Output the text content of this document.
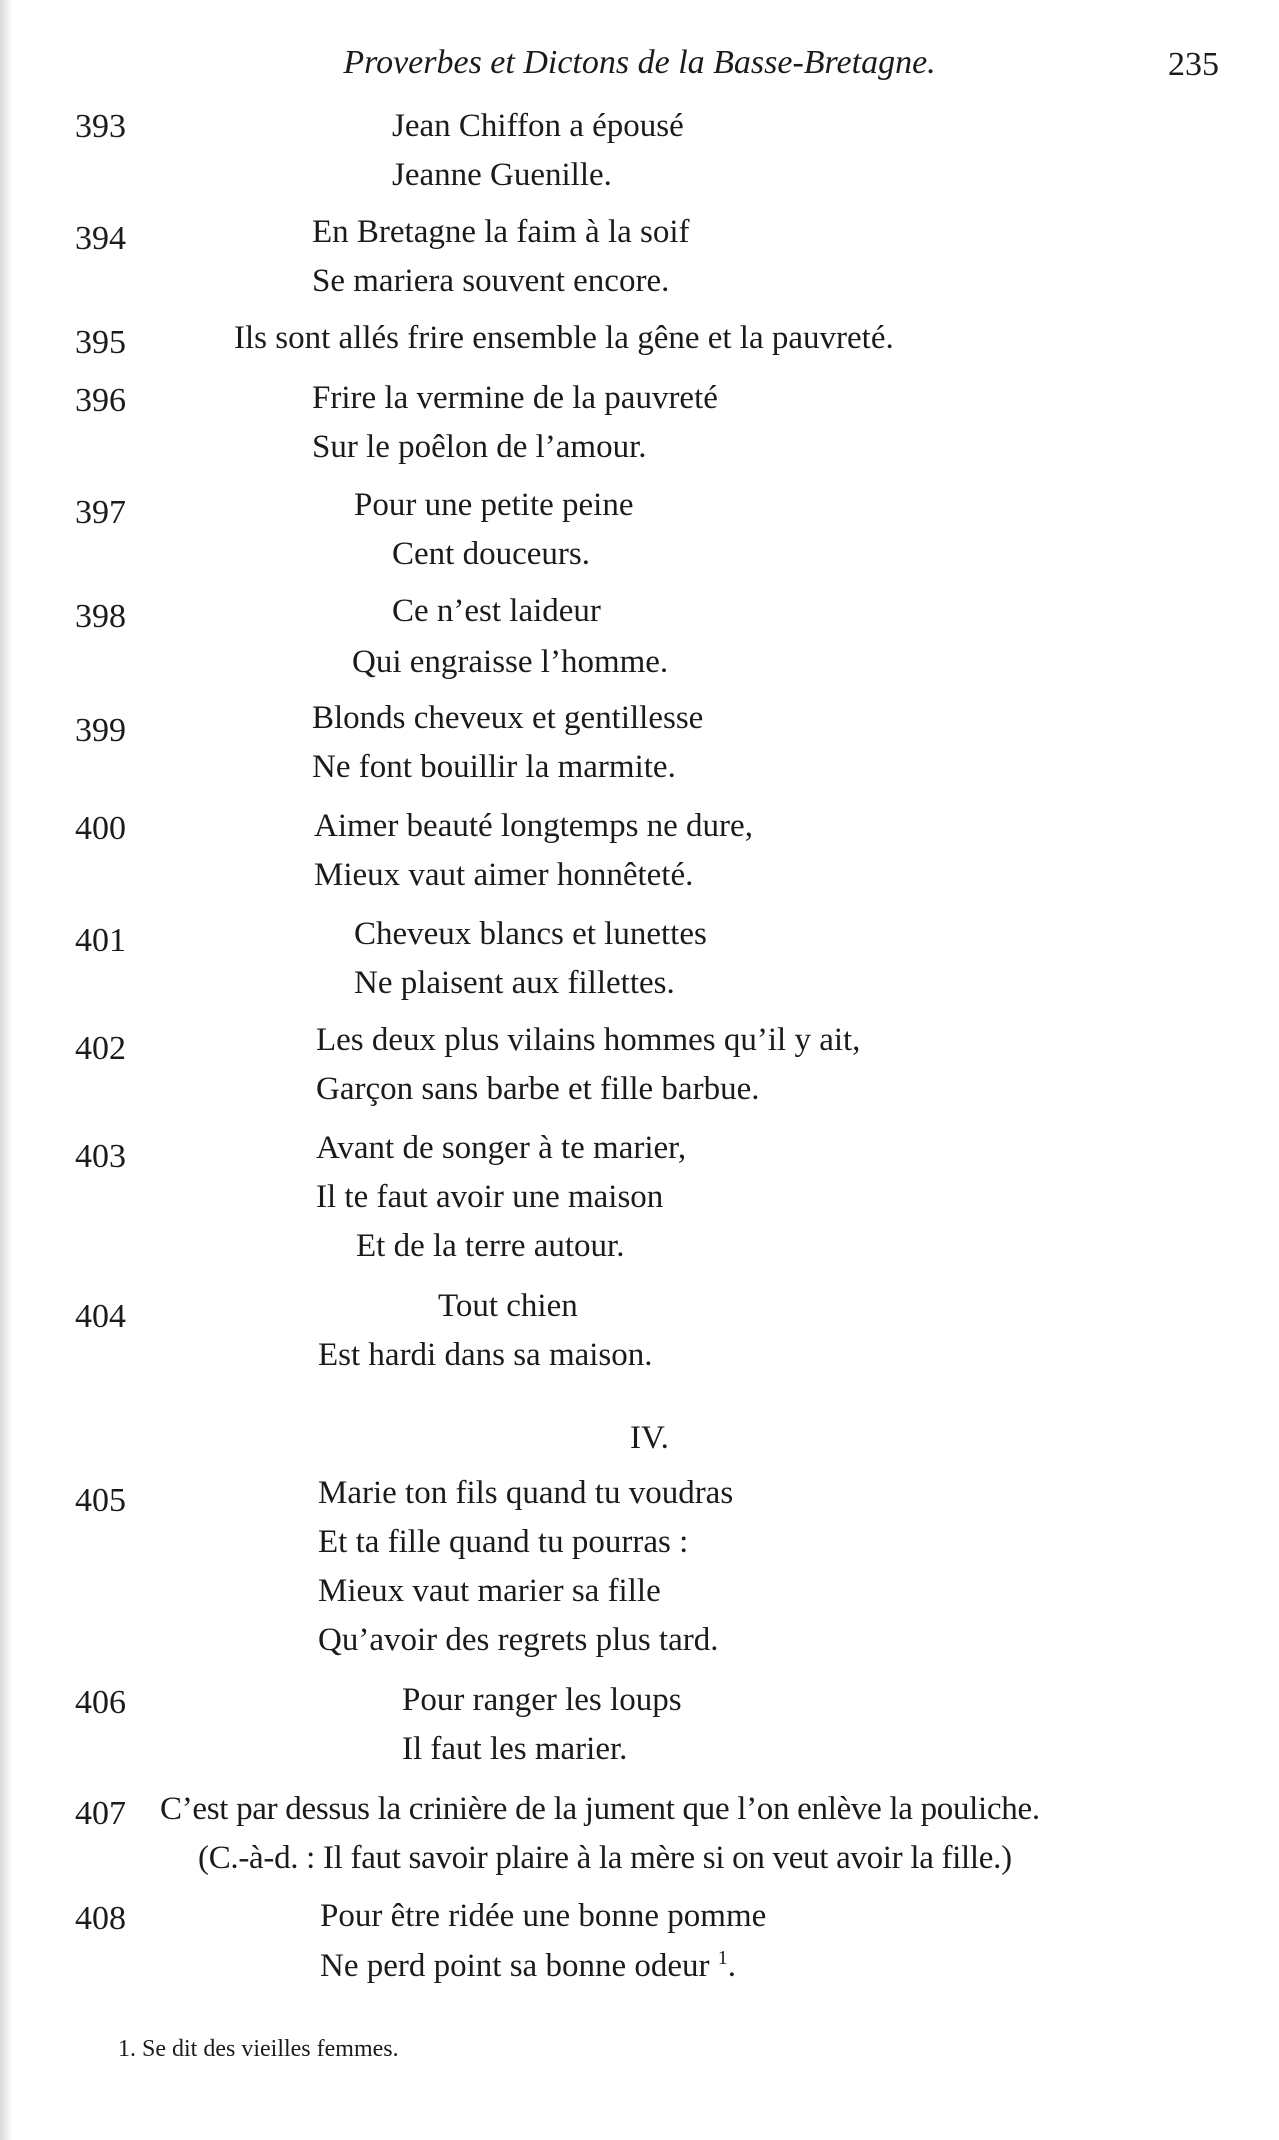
Proverbes et Dictons de la Basse-Bretagne.	235
393	Jean Chiffon a épousé
Jeanne Guenille.
394	En Bretagne la faim à la soif
Se mariera souvent encore.
395	Ils sont allés frire ensemble la gêne et la pauvreté.
396	Frire la vermine de la pauvreté
Sur le poêlon de l’amour.
397	Pour une petite peine
Cent douceurs.
398	Ce n’est laideur
Qui engraisse l’homme.
399	Blonds cheveux et gentillesse
Ne font bouillir la marmite.
400	Aimer beauté longtemps ne dure,
Mieux vaut aimer honnêteté.
401	Cheveux blancs et lunettes
Ne plaisent aux fillettes.
402	Les deux plus vilains hommes qu’il y ait,
Garçon sans barbe et fille barbue.
403	Avant de songer à te marier,
Il te faut avoir une maison
Et de la terre autour.
404	Tout chien
Est hardi dans sa maison.
IV.
405	Marie ton fils quand tu voudras
Et ta fille quand tu pourras :
Mieux vaut marier sa fille
Qu’avoir des regrets plus tard.
406	Pour ranger les loups
Il faut les marier.
407 C’est par dessus la crinière de la jument que l’on enlève la pouliche.
(C.-à-d. : Il faut savoir plaire à la mère si on veut avoir la fille.)
408	Pour être ridée une bonne pomme
Ne perd point sa bonne odeur $^1$.
1. Se dit des vieilles femmes.
